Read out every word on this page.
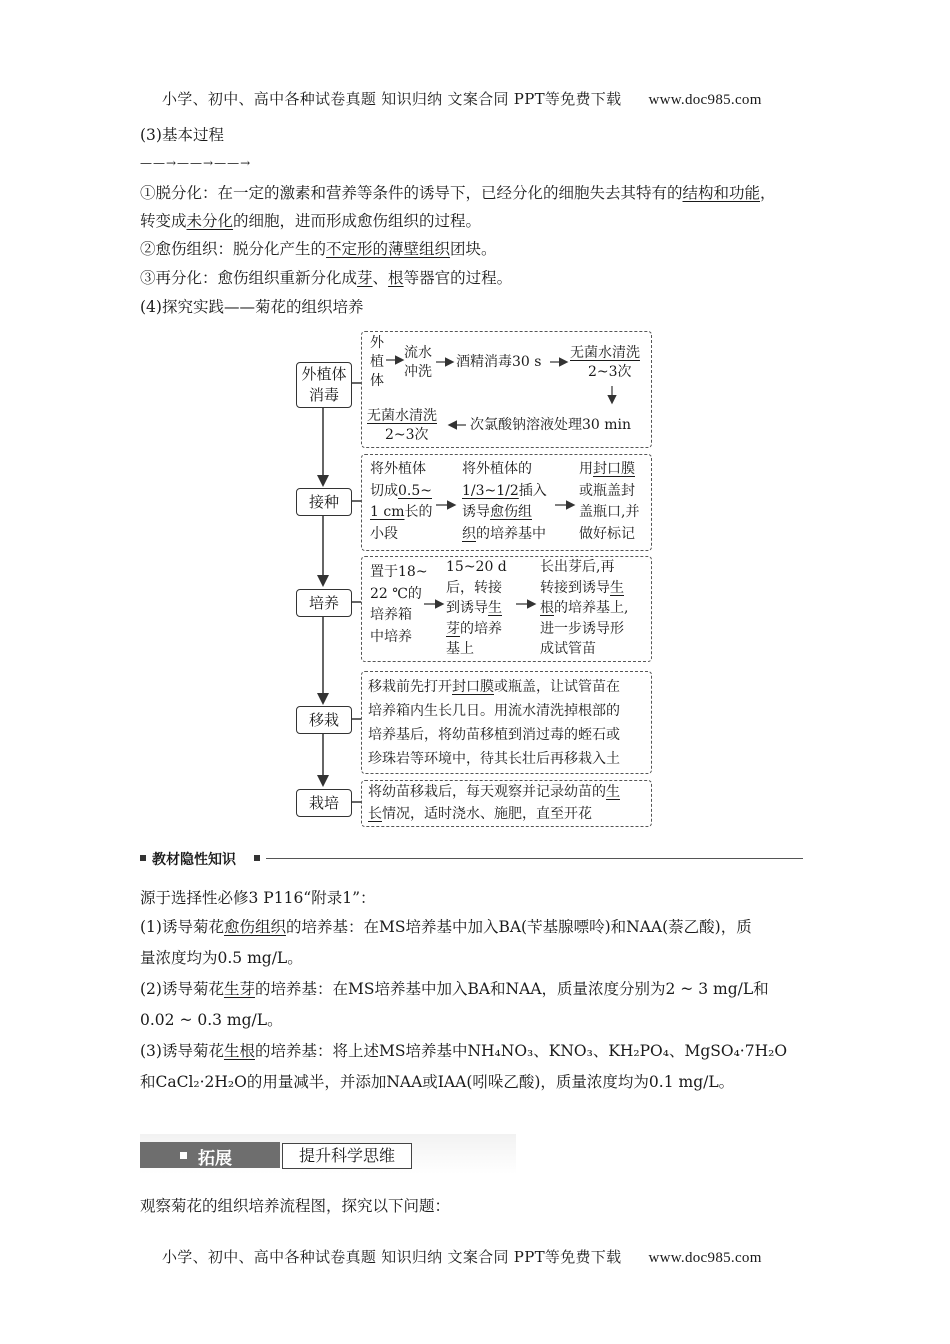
小学、初中、高中各种试卷真题 知识归纳 文案合同 PPT等免费下载 www.doc985.com
(3)基本过程
——→——→——→
①脱分化：在一定的激素和营养等条件的诱导下，已经分化的细胞失去其特有的结构和功能，
转变成未分化的细胞，进而形成愈伤组织的过程。
②愈伤组织：脱分化产生的不定形的薄壁组织团块。
③再分化：愈伤组织重新分化成芽、根等器官的过程。
(4)探究实践——菊花的组织培养
外植体
消毒
接种
培养
移栽
栽培
外
植
体
流水
冲洗
酒精消毒30 s
无菌水清洗
2~3次
次氯酸钠溶液处理30 min
无菌水清洗
2~3次
将外植体
切成0.5~
1 cm长的
小段
将外植体的
1/3~1/2插入
诱导愈伤组
织的培养基中
用封口膜
或瓶盖封
盖瓶口,并
做好标记
置于18~
22 ℃的
培养箱
中培养
15~20 d
后，转接
到诱导生
芽的培养
基上
长出芽后,再
转接到诱导生
根的培养基上,
进一步诱导形
成试管苗
移栽前先打开封口膜或瓶盖，让试管苗在
培养箱内生长几日。用流水清洗掉根部的
培养基后，将幼苗移植到消过毒的蛭石或
珍珠岩等环境中，待其长壮后再移栽入土
将幼苗移栽后，每天观察并记录幼苗的生
长情况，适时浇水、施肥，直至开花
教材隐性知识
源于选择性必修3 P116“附录1”：
(1)诱导菊花愈伤组织的培养基：在MS培养基中加入BA(苄基腺嘌呤)和NAA(萘乙酸)，质
量浓度均为0.5 mg/L。
(2)诱导菊花生芽的培养基：在MS培养基中加入BA和NAA，质量浓度分别为2 ~ 3 mg/L和
0.02 ~ 0.3 mg/L。
(3)诱导菊花生根的培养基：将上述MS培养基中NH₄NO₃、KNO₃、KH₂PO₄、MgSO₄·7H₂O
和CaCl₂·2H₂O的用量减半，并添加NAA或IAA(吲哚乙酸)，质量浓度均为0.1 mg/L。
拓展	提升科学思维
观察菊花的组织培养流程图，探究以下问题：
小学、初中、高中各种试卷真题 知识归纳 文案合同 PPT等免费下载 www.doc985.com
